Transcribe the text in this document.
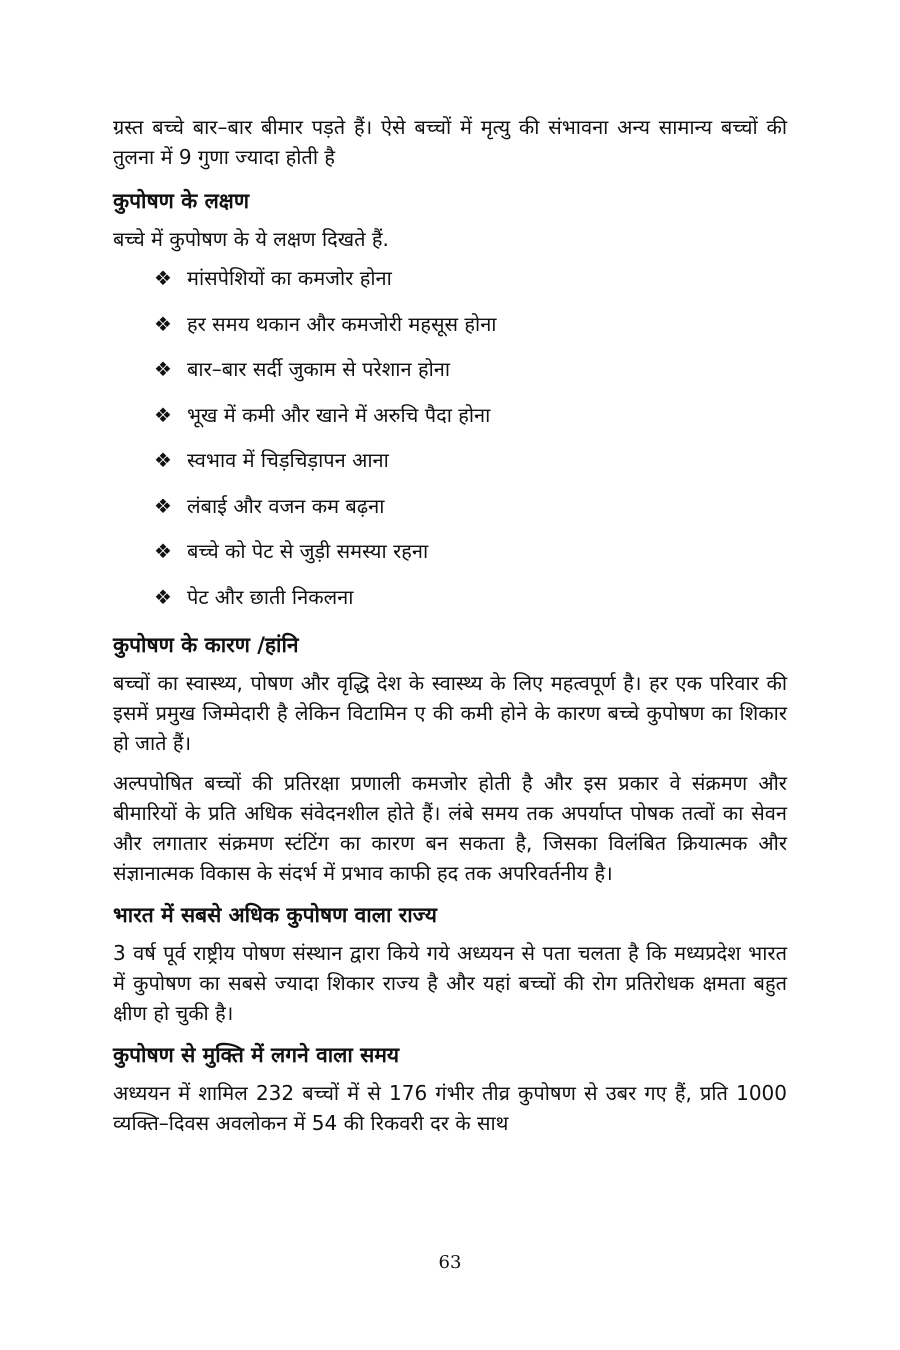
ग्रस्त बच्चे बार–बार बीमार पड़ते हैं। ऐसे बच्चों में मृत्यु की संभावना अन्य सामान्य बच्चों की तुलना में 9 गुणा ज्यादा होती है

कुपोषण के लक्षण

बच्चे में कुपोषण के ये लक्षण दिखते हैं.

❖ मांसपेशियों का कमजोर होना
❖ हर समय थकान और कमजोरी महसूस होना
❖ बार–बार सर्दी जुकाम से परेशान होना
❖ भूख में कमी और खाने में अरुचि पैदा होना
❖ स्वभाव में चिड़चिड़ापन आना
❖ लंबाई और वजन कम बढ़ना
❖ बच्चे को पेट से जुड़ी समस्या रहना
❖ पेट और छाती निकलना
कुपोषण के कारण /हांनि

बच्चों का स्वास्थ्य, पोषण और वृद्धि देश के स्वास्थ्य के लिए महत्वपूर्ण है। हर एक परिवार की इसमें प्रमुख जिम्मेदारी है लेकिन विटामिन ए की कमी होने के कारण बच्चे कुपोषण का शिकार हो जाते हैं।

अल्पपोषित बच्चों की प्रतिरक्षा प्रणाली कमजोर होती है और इस प्रकार वे संक्रमण और बीमारियों के प्रति अधिक संवेदनशील होते हैं। लंबे समय तक अपर्याप्त पोषक तत्वों का सेवन और लगातार संक्रमण स्टंटिंग का कारण बन सकता है, जिसका विलंबित क्रियात्मक और संज्ञानात्मक विकास के संदर्भ में प्रभाव काफी हद तक अपरिवर्तनीय है।

भारत में सबसे अधिक कुपोषण वाला राज्य

3 वर्ष पूर्व राष्ट्रीय पोषण संस्थान द्वारा किये गये अध्ययन से पता चलता है कि मध्यप्रदेश भारत में कुपोषण का सबसे ज्यादा शिकार राज्य है और यहां बच्चों की रोग प्रतिरोधक क्षमता बहुत क्षीण हो चुकी है।

कुपोषण से मुक्ति में लगने वाला समय

अध्ययन में शामिल 232 बच्चों में से 176 गंभीर तीव्र कुपोषण से उबर गए हैं, प्रति 1000 व्यक्ति–दिवस अवलोकन में 54 की रिकवरी दर के साथ

63
